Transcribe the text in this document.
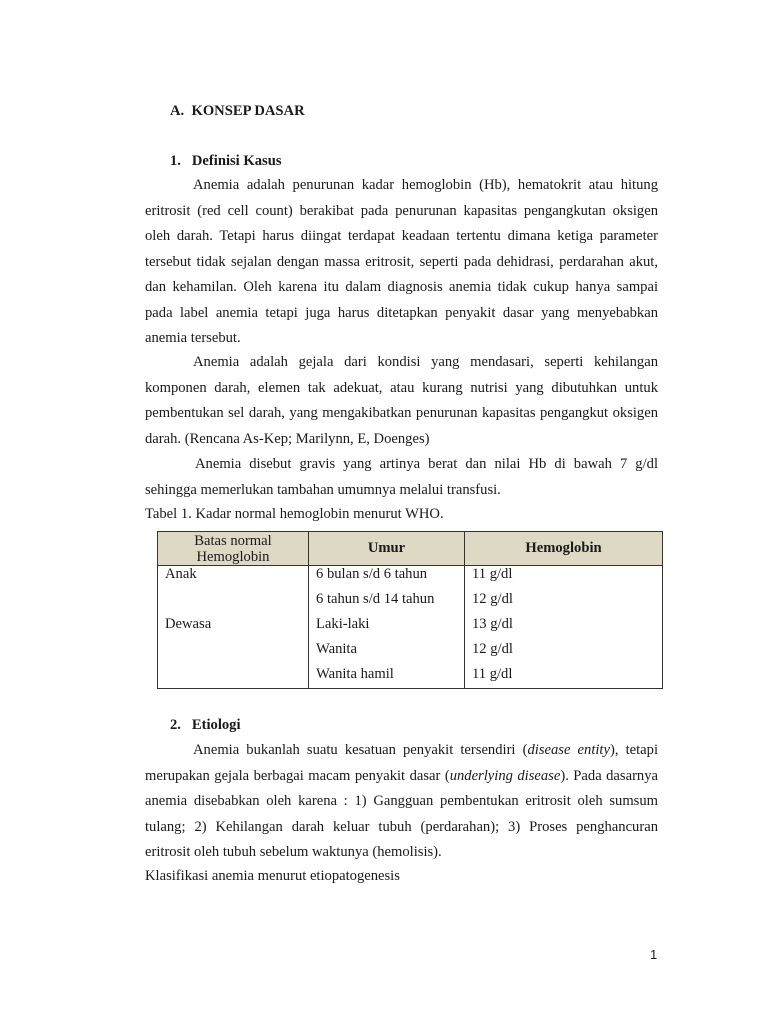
A.  KONSEP DASAR
1.   Definisi Kasus

Anemia adalah penurunan kadar hemoglobin (Hb), hematokrit atau hitung eritrosit (red cell count) berakibat pada penurunan kapasitas pengangkutan oksigen oleh darah. Tetapi harus diingat terdapat keadaan tertentu dimana ketiga parameter tersebut tidak sejalan dengan massa eritrosit, seperti pada dehidrasi, perdarahan akut, dan kehamilan. Oleh karena itu dalam diagnosis anemia tidak cukup hanya sampai pada label anemia tetapi juga harus ditetapkan penyakit dasar yang menyebabkan anemia tersebut.

Anemia adalah gejala dari kondisi yang mendasari, seperti kehilangan komponen darah, elemen tak adekuat, atau kurang nutrisi yang dibutuhkan untuk pembentukan sel darah, yang mengakibatkan penurunan kapasitas pengangkut oksigen darah. (Rencana As-Kep; Marilynn, E, Doenges)

Anemia disebut gravis yang artinya berat dan nilai Hb di bawah 7 g/dl sehingga memerlukan tambahan umumnya melalui transfusi.

Tabel 1. Kadar normal hemoglobin menurut WHO.
Batas normal Hemoglobin	Umur	Hemoglobin
Anak	6 bulan s/d 6 tahun	11 g/dl
	6 tahun s/d 14 tahun	12 g/dl
Dewasa	Laki-laki	13 g/dl
	Wanita	12 g/dl
	Wanita hamil	11 g/dl
2.   Etiologi

Anemia bukanlah suatu kesatuan penyakit tersendiri (disease entity), tetapi merupakan gejala berbagai macam penyakit dasar (underlying disease). Pada dasarnya anemia disebabkan oleh karena : 1) Gangguan pembentukan eritrosit oleh sumsum tulang; 2) Kehilangan darah keluar tubuh (perdarahan); 3) Proses penghancuran eritrosit oleh tubuh sebelum waktunya (hemolisis).

Klasifikasi anemia menurut etiopatogenesis
1
